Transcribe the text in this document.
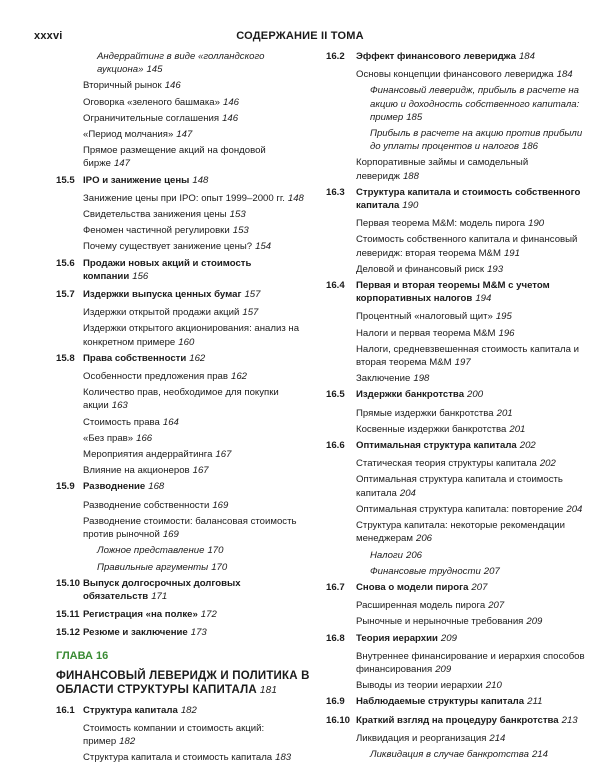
xxxvi	СОДЕРЖАНИЕ II ТОМА
Андеррайтинг в виде «голландского аукциона» 145
Вторичный рынок 146
Оговорка «зеленого башмака» 146
Ограничительные соглашения 146
«Период молчания» 147
Прямое размещение акций на фондовой бирже 147
15.5 IPO и занижение цены 148
Занижение цены при IPO: опыт 1999–2000 гг. 148
Свидетельства занижения цены 153
Феномен частичной регулировки 153
Почему существует занижение цены? 154
15.6 Продажи новых акций и стоимость компании 156
15.7 Издержки выпуска ценных бумаг 157
Издержки открытой продажи акций 157
Издержки открытого акционирования: анализ на конкретном примере 160
15.8 Права собственности 162
Особенности предложения прав 162
Количество прав, необходимое для покупки акции 163
Стоимость права 164
«Без прав» 166
Мероприятия андеррайтинга 167
Влияние на акционеров 167
15.9 Разводнение 168
Разводнение собственности 169
Разводнение стоимости: балансовая стоимость против рыночной 169
Ложное представление 170
Правильные аргументы 170
15.10 Выпуск долгосрочных долговых обязательств 171
15.11 Регистрация «на полке» 172
15.12 Резюме и заключение 173
ГЛАВА 16
ФИНАНСОВЫЙ ЛЕВЕРИДЖ И ПОЛИТИКА В ОБЛАСТИ СТРУКТУРЫ КАПИТАЛА 181
16.1 Структура капитала 182
Стоимость компании и стоимость акций: пример 182
Структура капитала и стоимость капитала 183
16.2	Эффект финансового левериджа 184
Основы концепции финансового левериджа 184
Финансовый леверидж, прибыль в расчете на акцию и доходность собственного капитала: пример 185
Прибыль в расчете на акцию против прибыли до уплаты процентов и налогов 186
Корпоративные займы и самодельный леверидж 188
16.3	Структура капитала и стоимость собственного капитала 190
Первая теорема M&M: модель пирога 190
Стоимость собственного капитала и финансовый леверидж: вторая теорема M&M 191
Деловой и финансовый риск 193
16.4	Первая и вторая теоремы M&M с учетом корпоративных налогов 194
Процентный «налоговый щит» 195
Налоги и первая теорема M&M 196
Налоги, средневзвешенная стоимость капитала и вторая теорема M&M 197
Заключение 198
16.5	Издержки банкротства 200
Прямые издержки банкротства 201
Косвенные издержки банкротства 201
16.6	Оптимальная структура капитала 202
Статическая теория структуры капитала 202
Оптимальная структура капитала и стоимость капитала 204
Оптимальная структура капитала: повторение 204
Структура капитала: некоторые рекомендации менеджерам 206
Налоги 206
Финансовые трудности 207
16.7	Снова о модели пирога 207
Расширенная модель пирога 207
Рыночные и нерыночные требования 209
16.8	Теория иерархии 209
Внутреннее финансирование и иерархия способов финансирования 209
Выводы из теории иерархии 210
16.9	Наблюдаемые структуры капитала 211
16.10 Краткий взгляд на процедуру банкротства 213
Ликвидация и реорганизация 214
Ликвидация в случае банкротства 214
